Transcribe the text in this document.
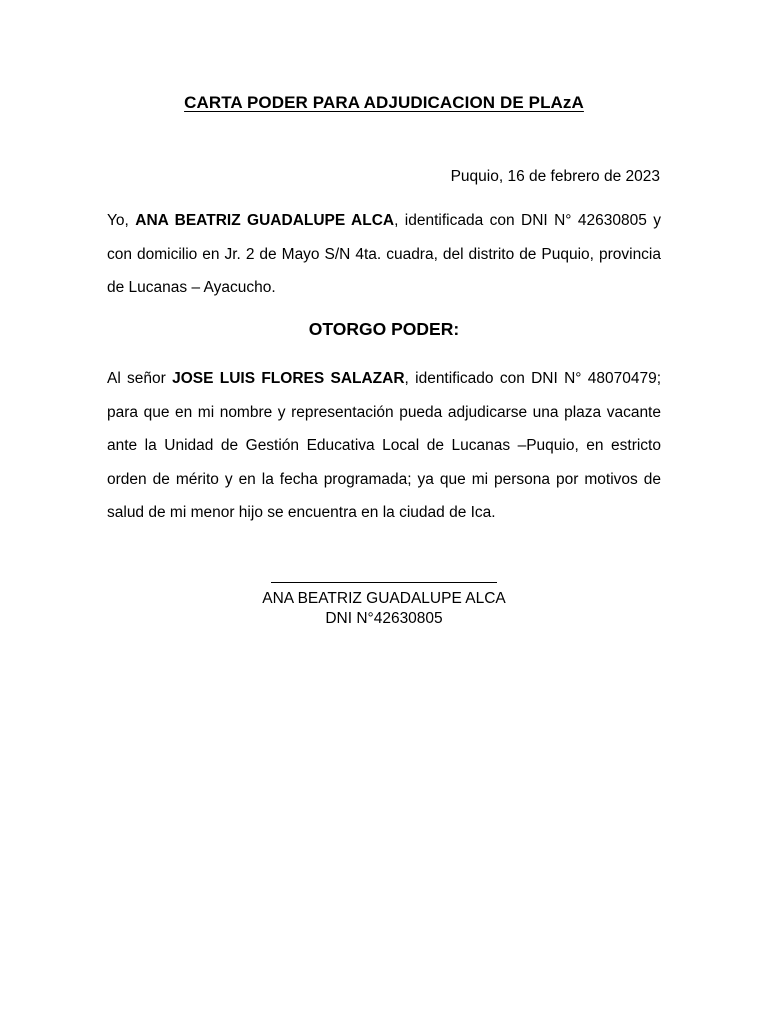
CARTA PODER PARA ADJUDICACION DE PLAzA
Puquio, 16 de febrero de 2023
Yo, ANA BEATRIZ GUADALUPE ALCA, identificada con DNI N° 42630805 y con domicilio en Jr. 2 de Mayo S/N 4ta. cuadra, del distrito de Puquio, provincia de Lucanas – Ayacucho.
OTORGO PODER:
Al señor JOSE LUIS FLORES SALAZAR, identificado con DNI N° 48070479; para que en mi nombre y representación pueda adjudicarse una plaza vacante ante la Unidad de Gestión Educativa Local de Lucanas –Puquio, en estricto orden de mérito y en la fecha programada; ya que mi persona por motivos de salud de mi menor hijo se encuentra en la ciudad de Ica.
ANA BEATRIZ GUADALUPE ALCA
DNI N°42630805
